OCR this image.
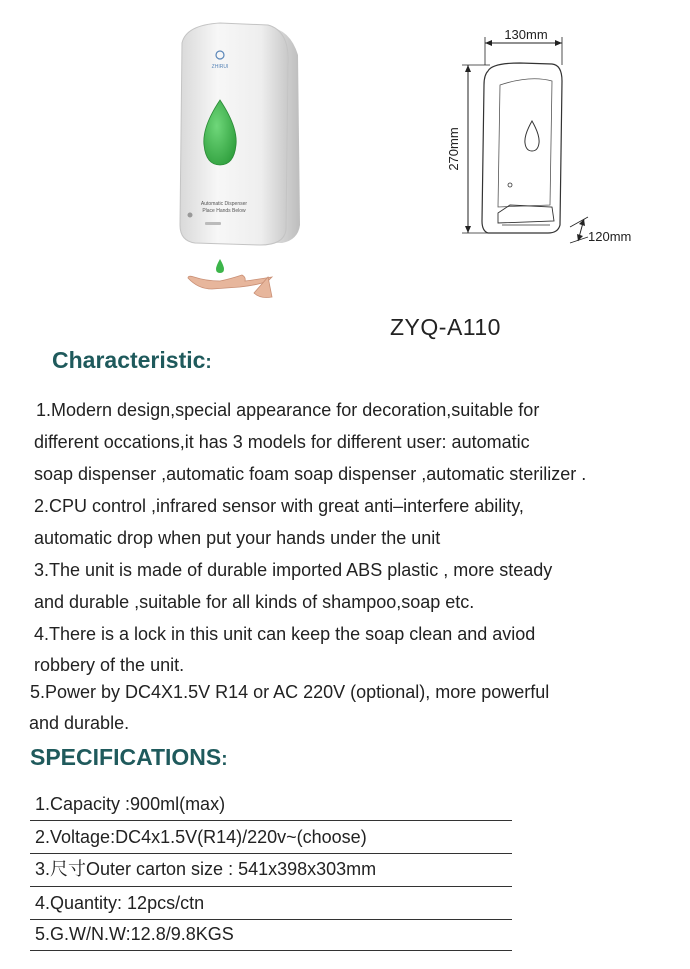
ZHIRUI
Automatic Dispenser
Place Hands Below
130mm
270mm
120mm
ZYQ-A110
Characteristic:
1.Modern design,special appearance for decoration,suitable for
different occations,it has 3 models for different user: automatic
soap dispenser ,automatic foam soap dispenser ,automatic sterilizer .
2.CPU control ,infrared sensor with great anti–interfere ability,
automatic drop when put your hands under the unit
3.The unit is made of durable imported ABS plastic , more steady
and durable ,suitable for all kinds of shampoo,soap etc.
4.There is a lock in this unit can keep the soap clean and aviod
robbery of the unit.
5.Power by DC4X1.5V R14 or AC 220V (optional), more powerful
and durable.
SPECIFICATIONS:
1.Capacity :900ml(max)
2.Voltage:DC4x1.5V(R14)/220v~(choose)
3.尺寸Outer carton size : 541x398x303mm
4.Quantity: 12pcs/ctn
5.G.W/N.W:12.8/9.8KGS
